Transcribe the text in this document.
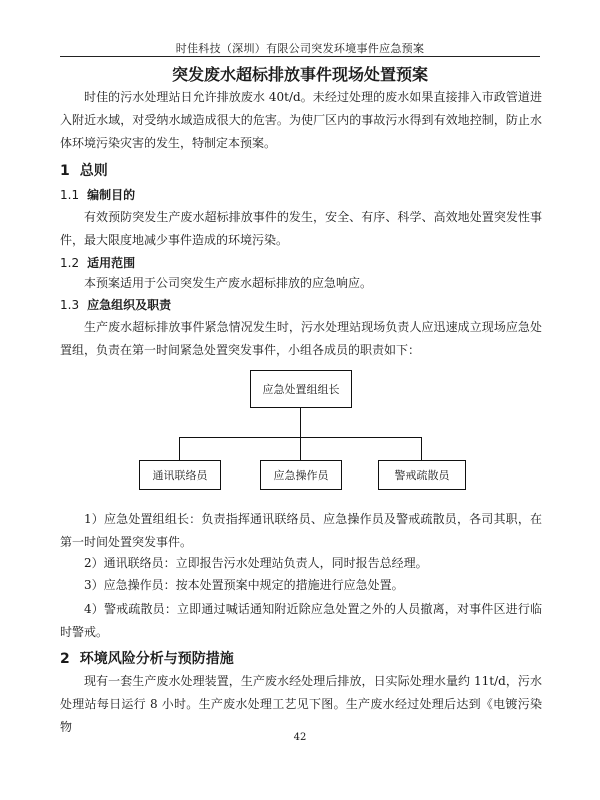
时佳科技（深圳）有限公司突发环境事件应急预案
突发废水超标排放事件现场处置预案
时佳的污水处理站日允许排放废水 40t/d。未经过处理的废水如果直接排入市政管道进入附近水域，对受纳水域造成很大的危害。为使厂区内的事故污水得到有效地控制，防止水体环境污染灾害的发生，特制定本预案。
1 总则
1.1 编制目的
有效预防突发生产废水超标排放事件的发生，安全、有序、科学、高效地处置突发性事件，最大限度地减少事件造成的环境污染。
1.2 适用范围
本预案适用于公司突发生产废水超标排放的应急响应。
1.3 应急组织及职责
生产废水超标排放事件紧急情况发生时，污水处理站现场负责人应迅速成立现场应急处置组，负责在第一时间紧急处置突发事件，小组各成员的职责如下：
应急处置组组长
通讯联络员	应急操作员	警戒疏散员
1）应急处置组组长：负责指挥通讯联络员、应急操作员及警戒疏散员，各司其职，在第一时间处置突发事件。
2）通讯联络员：立即报告污水处理站负责人，同时报告总经理。
3）应急操作员：按本处置预案中规定的措施进行应急处置。
4）警戒疏散员：立即通过喊话通知附近除应急处置之外的人员撤离，对事件区进行临时警戒。
2 环境风险分析与预防措施
现有一套生产废水处理装置，生产废水经处理后排放，日实际处理水量约 11t/d，污水处理站每日运行 8 小时。生产废水处理工艺见下图。生产废水经过处理后达到《电镀污染物
42
